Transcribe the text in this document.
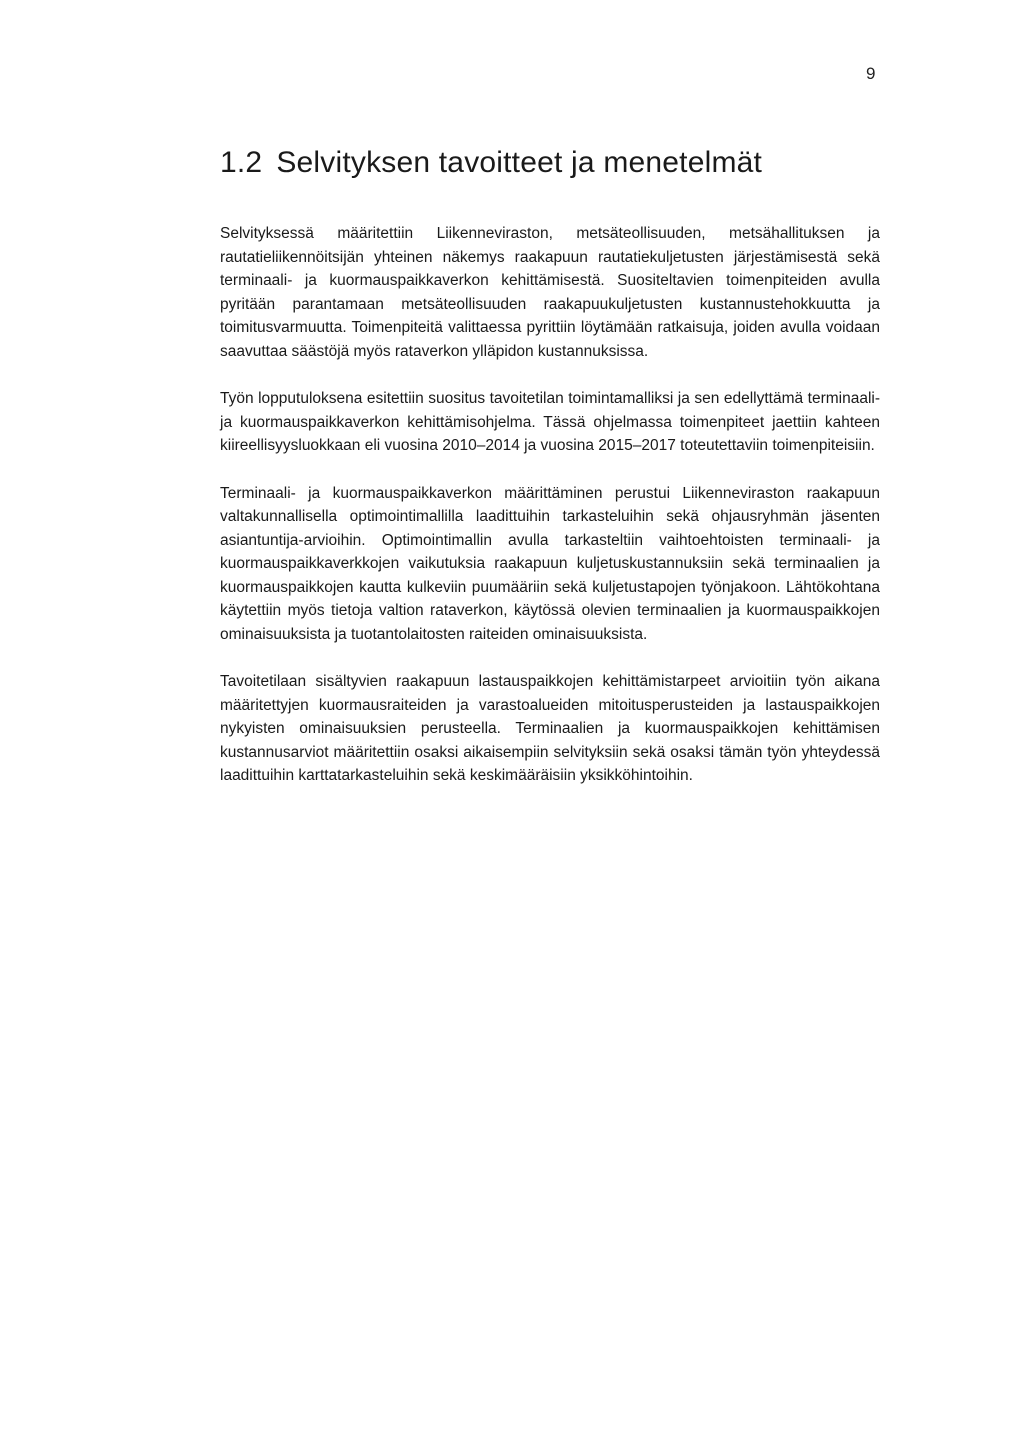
9
1.2 Selvityksen tavoitteet ja menetelmät

Selvityksessä määritettiin Liikenneviraston, metsäteollisuuden, metsähallituksen ja rautatieliikennöitsijän yhteinen näkemys raakapuun rautatiekuljetusten järjestämisestä sekä terminaali- ja kuormauspaikkaverkon kehittämisestä. Suositeltavien toimenpiteiden avulla pyritään parantamaan metsäteollisuuden raakapuukuljetusten kustannustehokkuutta ja toimitusvarmuutta. Toimenpiteitä valittaessa pyrittiin löytämään ratkaisuja, joiden avulla voidaan saavuttaa säästöjä myös rataverkon ylläpidon kustannuksissa.

Työn lopputuloksena esitettiin suositus tavoitetilan toimintamalliksi ja sen edellyttämä terminaali- ja kuormauspaikkaverkon kehittämisohjelma. Tässä ohjelmassa toimenpiteet jaettiin kahteen kiireellisyysluokkaan eli vuosina 2010–2014 ja vuosina 2015–2017 toteutettaviin toimenpiteisiin.

Terminaali- ja kuormauspaikkaverkon määrittäminen perustui Liikenneviraston raakapuun valtakunnallisella optimointimallilla laadittuihin tarkasteluihin sekä ohjausryhmän jäsenten asiantuntija-arvioihin. Optimointimallin avulla tarkasteltiin vaihtoehtoisten terminaali- ja kuormauspaikkaverkkojen vaikutuksia raakapuun kuljetuskustannuksiin sekä terminaalien ja kuormauspaikkojen kautta kulkeviin puumääriin sekä kuljetustapojen työnjakoon. Lähtökohtana käytettiin myös tietoja valtion rataverkon, käytössä olevien terminaalien ja kuormauspaikkojen ominaisuuksista ja tuotantolaitosten raiteiden ominaisuuksista.

Tavoitetilaan sisältyvien raakapuun lastauspaikkojen kehittämistarpeet arvioitiin työn aikana määritettyjen kuormausraiteiden ja varastoalueiden mitoitusperusteiden ja lastauspaikkojen nykyisten ominaisuuksien perusteella. Terminaalien ja kuormauspaikkojen kehittämisen kustannusarviot määritettiin osaksi aikaisempiin selvityksiin sekä osaksi tämän työn yhteydessä laadittuihin karttatarkasteluihin sekä keskimääräisiin yksikköhintoihin.
